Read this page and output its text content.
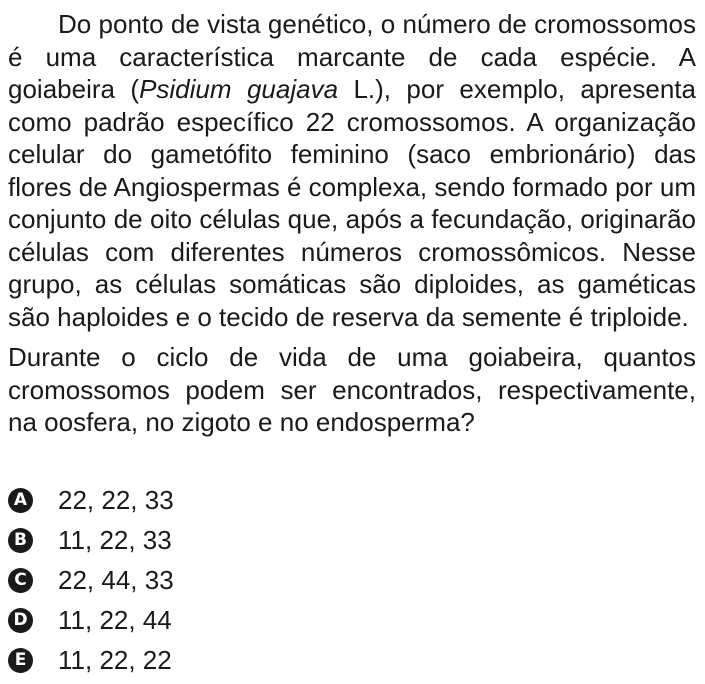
Do ponto de vista genético, o número de cromossomos é uma característica marcante de cada espécie. A goiabeira (Psidium guajava L.), por exemplo, apresenta como padrão específico 22 cromossomos. A organização celular do gametófito feminino (saco embrionário) das flores de Angiospermas é complexa, sendo formado por um conjunto de oito células que, após a fecundação, originarão células com diferentes números cromossômicos. Nesse grupo, as células somáticas são diploides, as gaméticas são haploides e o tecido de reserva da semente é triploide.

Durante o ciclo de vida de uma goiabeira, quantos cromossomos podem ser encontrados, respectivamente, na oosfera, no zigoto e no endosperma?

A 22, 22, 33
B 11, 22, 33
C 22, 44, 33
D 11, 22, 44
E 11, 22, 22
